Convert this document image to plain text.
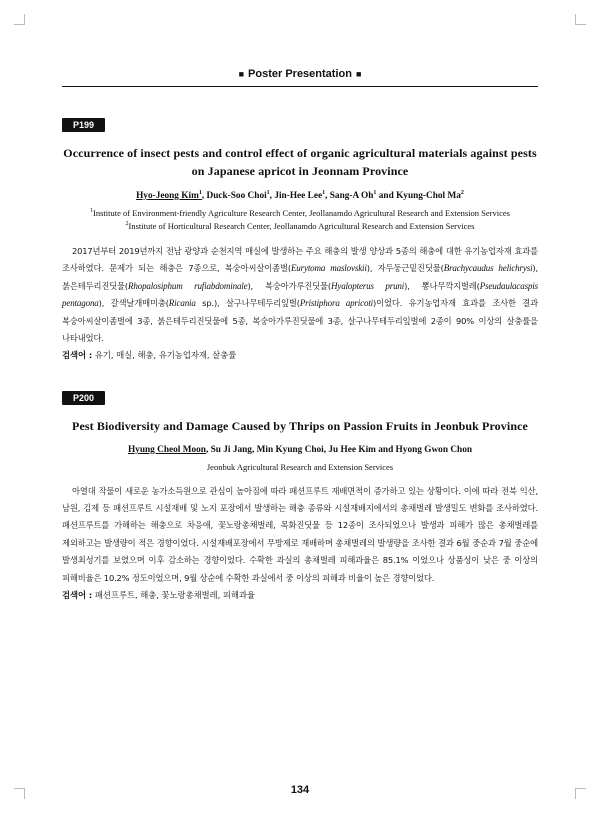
■ Poster Presentation ■
P199
Occurrence of insect pests and control effect of organic agricultural materials against pests
on Japanese apricot in Jeonnam Province
Hyo-Jeong Kim$^1$, Duck-Soo Choi$^1$, Jin-Hee Lee$^1$, Sang-A Oh$^1$ and Kyung-Chol Ma$^2$
$^1$Institute of Environment-friendly Agriculture Research Center, Jeollanamdo Agricultural Research and Extension Services
$^2$Institute of Horticultural Research Center, Jeollanamdo Agricultural Research and Extension Services
2017년부터 2019년까지 전남 광양과 순천지역 매실에 발생하는 주요 해충의 발생 양상과 5종의 해충에 대한 유기농업자재 효과를 조사하였다. 문제가 되는 해충은 7종으로, 복숭아씨살이좀벌(Eurytoma maslovskii), 자두둥근밑진딧물(Brachycaudus helichrysi), 붉은테두리진딧물(Rhopalosiphum rufiabdominale), 복숭아가루진딧물(Hyalopterus pruni), 뽕나무깍지벌레(Pseudaulacaspis pentagona), 갈색날개매미충(Ricania sp.), 살구나무테두리잎벌(Pristiphora apricoti)이었다. 유기농업자재 효과를 조사한 결과 복숭아씨살이좀벌에 3종, 붉은테두리진딧물에 5종, 복숭아가루진딧물에 3종, 살구나무테두리잎벌에 2종이 90% 이상의 살충률을 나타내었다.
검색어 : 유기, 매실, 해충, 유기농업자재, 살충률
P200
Pest Biodiversity and Damage Caused by Thrips on Passion Fruits in Jeonbuk Province
Hyung Cheol Moon, Su Ji Jang, Min Kyung Choi, Ju Hee Kim and Hyong Gwon Chon
Jeonbuk Agricultural Research and Extension Services
아열대 작물이 새로운 농가소득원으로 관심이 높아짐에 따라 패션프루트 재배면적이 증가하고 있는 상황이다. 이에 따라 전북 익산, 남원, 김제 등 패션프루트 시설재배 및 노지 포장에서 발생하는 해충 종류와 시설재배지에서의 총채벌레 발생밀도 변화를 조사하였다. 패션프루트를 가해하는 해충으로 차응애, 꽃노랑총채벌레, 목화진딧물 등 12종이 조사되었으나 발생과 피해가 많은 총채벌레를 제외하고는 발생량이 적은 경향이었다. 시설재배포장에서 무방제로 재배하며 총채벌레의 발생량을 조사한 결과 6월 중순과 7월 중순에 발생최성기를 보였으며 이후 감소하는 경향이었다. 수확한 과실의 총채벌레 피해과율은 85.1% 이었으나 상품성이 낮은 중 이상의 피해비율은 10.2% 정도이었으며, 9월 상순에 수확한 과실에서 중 이상의 피해과 비율이 높은 경향이었다.
검색어 : 패션프루트, 해충, 꽃노랑총채벌레, 피해과율
134
